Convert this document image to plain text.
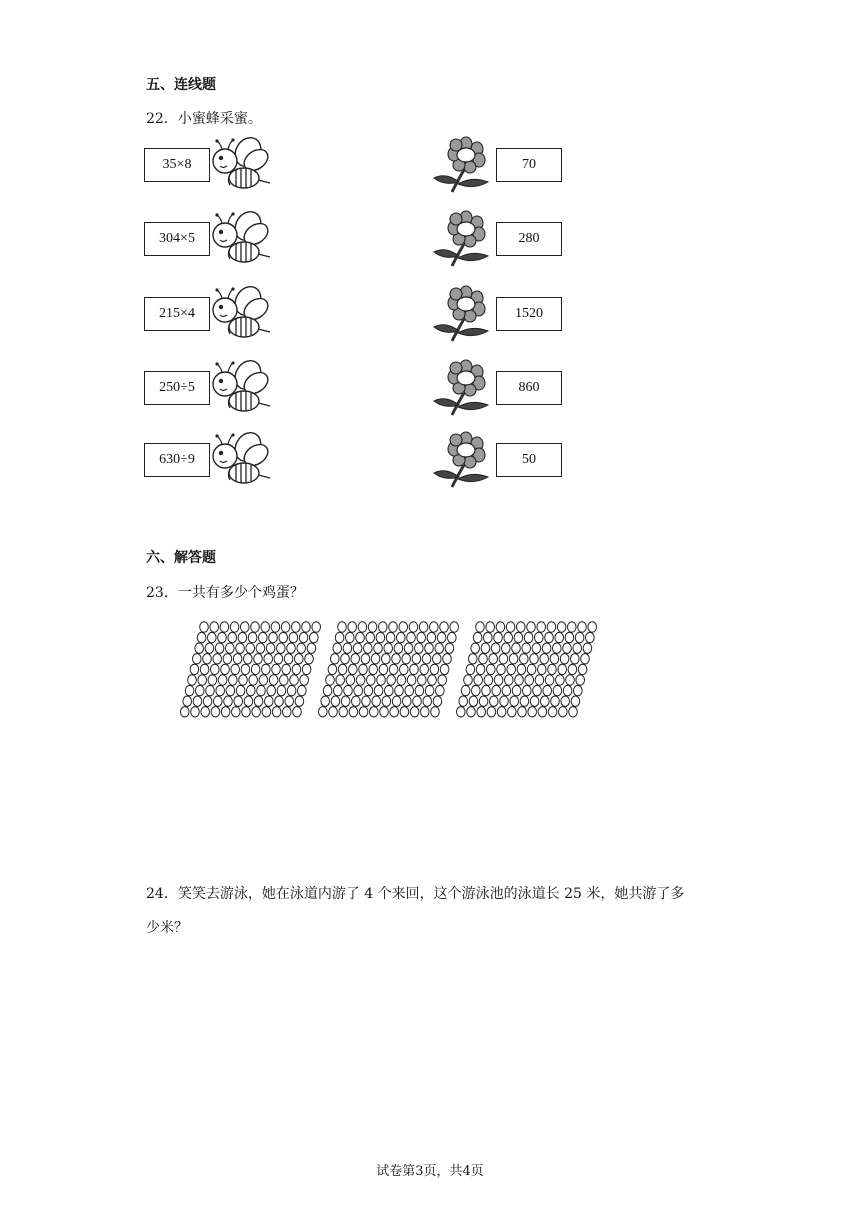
五、连线题
22．小蜜蜂采蜜。
35×8
304×5
215×4
250÷5
630÷9
70
280
1520
860
50
六、解答题
23．一共有多少个鸡蛋？
24．笑笑去游泳，她在泳道内游了 4 个来回，这个游泳池的泳道长 25 米，她共游了多
少米？
试卷第3页，共4页
